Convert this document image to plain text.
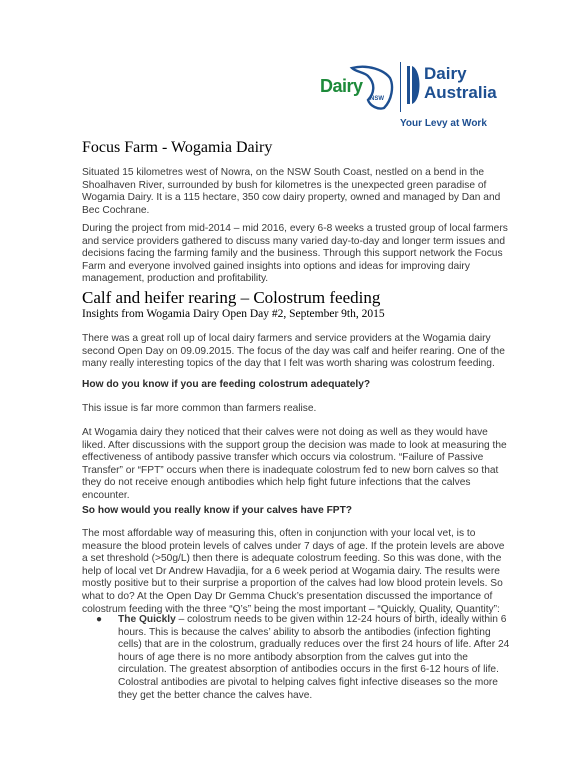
Dairy
NSW
Dairy
Australia
Your Levy at Work
Focus Farm - Wogamia Dairy

Situated 15 kilometres west of Nowra, on the NSW South Coast, nestled on a bend in the Shoalhaven River, surrounded by bush for kilometres is the unexpected green paradise of Wogamia Dairy. It is a 115 hectare, 350 cow dairy property, owned and managed by Dan and Bec Cochrane.

During the project from mid-2014 – mid 2016, every 6-8 weeks a trusted group of local farmers and service providers gathered to discuss many varied day-to-day and longer term issues and decisions facing the farming family and the business. Through this support network the Focus Farm and everyone involved gained insights into options and ideas for improving dairy management, production and profitability.

Calf and heifer rearing – Colostrum feeding
Insights from Wogamia Dairy Open Day #2, September 9th, 2015

There was a great roll up of local dairy farmers and service providers at the Wogamia dairy second Open Day on 09.09.2015. The focus of the day was calf and heifer rearing. One of the many really interesting topics of the day that I felt was worth sharing was colostrum feeding.

How do you know if you are feeding colostrum adequately?

This issue is far more common than farmers realise.

At Wogamia dairy they noticed that their calves were not doing as well as they would have liked. After discussions with the support group the decision was made to look at measuring the effectiveness of antibody passive transfer which occurs via colostrum. “Failure of Passive Transfer” or “FPT” occurs when there is inadequate colostrum fed to new born calves so that they do not receive enough antibodies which help fight future infections that the calves encounter.

So how would you really know if your calves have FPT?

The most affordable way of measuring this, often in conjunction with your local vet, is to measure the blood protein levels of calves under 7 days of age. If the protein levels are above a set threshold (>50g/L) then there is adequate colostrum feeding. So this was done, with the help of local vet Dr Andrew Havadjia, for a 6 week period at Wogamia dairy. The results were mostly positive but to their surprise a proportion of the calves had low blood protein levels. So what to do? At the Open Day Dr Gemma Chuck’s presentation discussed the importance of colostrum feeding with the three “Q’s” being the most important – “Quickly, Quality, Quantity”:

● The Quickly – colostrum needs to be given within 12-24 hours of birth, ideally within 6 hours. This is because the calves’ ability to absorb the antibodies (infection fighting cells) that are in the colostrum, gradually reduces over the first 24 hours of life. After 24 hours of age there is no more antibody absorption from the calves gut into the circulation. The greatest absorption of antibodies occurs in the first 6-12 hours of life. Colostral antibodies are pivotal to helping calves fight infective diseases so the more they get the better chance the calves have.
